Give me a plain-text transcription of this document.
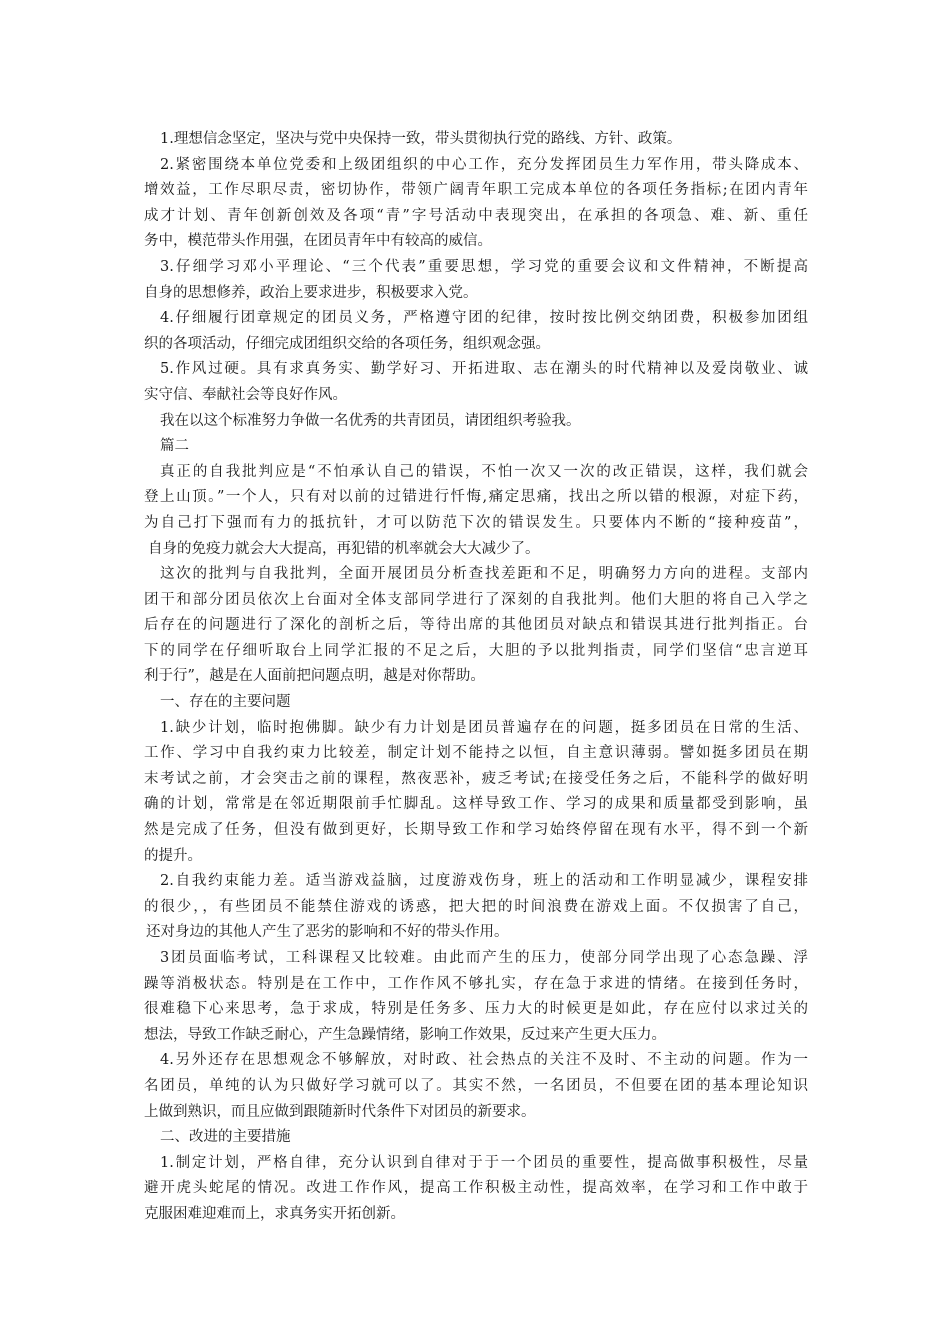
1.理想信念坚定，坚决与党中央保持一致，带头贯彻执行党的路线、方针、政策。
2.紧密围绕本单位党委和上级团组织的中心工作，充分发挥团员生力军作用，带头降成本、
增效益，工作尽职尽责，密切协作，带领广阔青年职工完成本单位的各项任务指标;在团内青年
成才计划、青年创新创效及各项“青”字号活动中表现突出，在承担的各项急、难、新、重任
务中，模范带头作用强，在团员青年中有较高的威信。
3.仔细学习邓小平理论、“三个代表”重要思想，学习党的重要会议和文件精神，不断提高
自身的思想修养，政治上要求进步，积极要求入党。
4.仔细履行团章规定的团员义务，严格遵守团的纪律，按时按比例交纳团费，积极参加团组
织的各项活动，仔细完成团组织交给的各项任务，组织观念强。
5.作风过硬。具有求真务实、勤学好习、开拓进取、志在潮头的时代精神以及爱岗敬业、诚
实守信、奉献社会等良好作风。
我在以这个标准努力争做一名优秀的共青团员，请团组织考验我。
篇二
真正的自我批判应是“不怕承认自己的错误，不怕一次又一次的改正错误，这样，我们就会
登上山顶。”一个人，只有对以前的过错进行忏悔,痛定思痛，找出之所以错的根源，对症下药，
为自己打下强而有力的抵抗针，才可以防范下次的错误发生。只要体内不断的“接种疫苗”，
自身的免疫力就会大大提高，再犯错的机率就会大大减少了。
这次的批判与自我批判，全面开展团员分析查找差距和不足，明确努力方向的进程。支部内
团干和部分团员依次上台面对全体支部同学进行了深刻的自我批判。他们大胆的将自己入学之
后存在的问题进行了深化的剖析之后，等待出席的其他团员对缺点和错误其进行批判指正。台
下的同学在仔细听取台上同学汇报的不足之后，大胆的予以批判指责，同学们坚信“忠言逆耳
利于行”，越是在人面前把问题点明，越是对你帮助。
一、存在的主要问题
1.缺少计划，临时抱佛脚。缺少有力计划是团员普遍存在的问题，挺多团员在日常的生活、
工作、学习中自我约束力比较差，制定计划不能持之以恒，自主意识薄弱。譬如挺多团员在期
末考试之前，才会突击之前的课程，熬夜恶补，疲乏考试;在接受任务之后，不能科学的做好明
确的计划，常常是在邻近期限前手忙脚乱。这样导致工作、学习的成果和质量都受到影响，虽
然是完成了任务，但没有做到更好，长期导致工作和学习始终停留在现有水平，得不到一个新
的提升。
2.自我约束能力差。适当游戏益脑，过度游戏伤身，班上的活动和工作明显减少，课程安排
的很少，，有些团员不能禁住游戏的诱惑，把大把的时间浪费在游戏上面。不仅损害了自己，
还对身边的其他人产生了恶劣的影响和不好的带头作用。
3团员面临考试，工科课程又比较难。由此而产生的压力，使部分同学出现了心态急躁、浮
躁等消极状态。特别是在工作中，工作作风不够扎实，存在急于求进的情绪。在接到任务时，
很难稳下心来思考，急于求成，特别是任务多、压力大的时候更是如此，存在应付以求过关的
想法，导致工作缺乏耐心，产生急躁情绪，影响工作效果，反过来产生更大压力。
4.另外还存在思想观念不够解放，对时政、社会热点的关注不及时、不主动的问题。作为一
名团员，单纯的认为只做好学习就可以了。其实不然，一名团员，不但要在团的基本理论知识
上做到熟识，而且应做到跟随新时代条件下对团员的新要求。
二、改进的主要措施
1.制定计划，严格自律，充分认识到自律对于于一个团员的重要性，提高做事积极性，尽量
避开虎头蛇尾的情况。改进工作作风，提高工作积极主动性，提高效率，在学习和工作中敢于
克服困难迎难而上，求真务实开拓创新。
